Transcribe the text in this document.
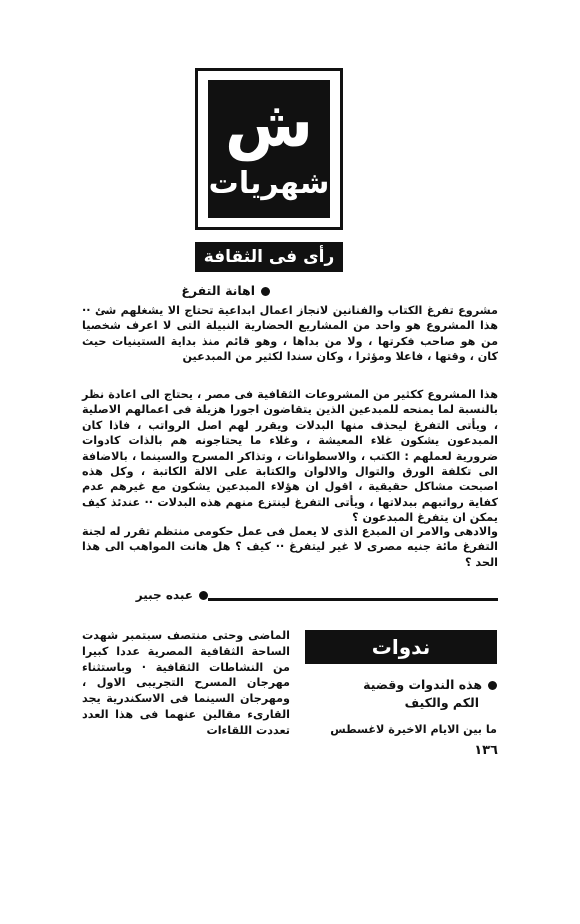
ش
شهريات
رأى فى الثقافة
اهانة التفرغ
مشروع تفرغ الكتاب والفنانين لانجاز اعمال ابداعية تحتاج الا يشغلهم شئ ·· هذا المشروع هو واحد من المشاريع الحضارية النبيلة التى لا اعرف شخصيا من هو صاحب فكرتها ، ولا من بداها ، وهو قائم منذ بداية الستينيات حيث كان ، وقتها ، فاعلا ومؤثرا ، وكان سندا لكثير من المبدعين
هذا المشروع ككثير من المشروعات الثقافية فى مصر ، يحتاج الى اعادة نظر بالنسبة لما يمنحه للمبدعين الذين يتقاضون اجورا هزيلة فى اعمالهم الاصلية ، ويأتى التفرغ ليحذف منها البدلات ويقرر لهم اصل الرواتب ، فاذا كان المبدعون يشكون غلاء المعيشة ، وغلاء ما يحتاجونه هم بالذات كادوات ضرورية لعملهم : الكتب ، والاسطوانات ، وتذاكر المسرح والسينما ، بالاضافة الى تكلفة الورق والتوال والالوان والكتابة على الالة الكاتبة ، وكل هذه اصبحت مشاكل حقيقية ، اقول ان هؤلاء المبدعين يشكون مع غيرهم عدم كفاية رواتبهم ببدلاتها ، ويأتى التفرغ لينتزع منهم هذه البدلات ·· عندئذ كيف يمكن ان يتفرغ المبدعون ؟
والادهى والامر ان المبدع الذى لا يعمل فى عمل حكومى منتظم تقرر له لجنة التفرغ مائة جنيه مصرى لا غير ليتفرغ ·· كيف ؟ هل هانت المواهب الى هذا الحد ؟
عبده جبير
الماضى وحتى منتصف سبتمبر شهدت الساحة الثقافية المصرية عددا كبيرا من النشاطات الثقافية · وباستثناء مهرجان المسرح التجريبى الاول ، ومهرجان السينما فى الاسكندرية يجد القارىء مقالين عنهما فى هذا العدد تعددت اللقاءات
ندوات
هذه الندوات وقضية
الكم والكيف
ما بين الايام الاخيرة لاغسطس
١٣٦
